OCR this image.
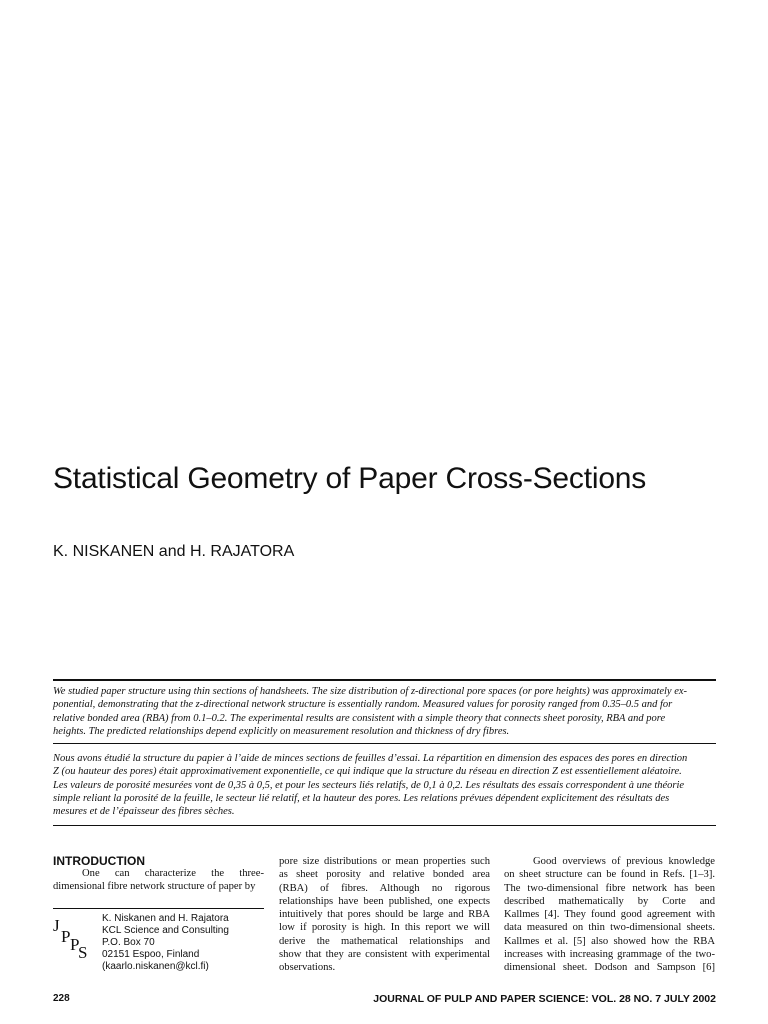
Statistical Geometry of Paper Cross-Sections
K. NISKANEN and H. RAJATORA
We studied paper structure using thin sections of handsheets. The size distribution of z-directional pore spaces (or pore heights) was approximately ex-
ponential, demonstrating that the z-directional network structure is essentially random. Measured values for porosity ranged from 0.35–0.5 and for
relative bonded area (RBA) from 0.1–0.2. The experimental results are consistent with a simple theory that connects sheet porosity, RBA and pore
heights. The predicted relationships depend explicitly on measurement resolution and thickness of dry fibres.
Nous avons étudié la structure du papier à l’aide de minces sections de feuilles d’essai. La répartition en dimension des espaces des pores en direction
Z (ou hauteur des pores) était approximativement exponentielle, ce qui indique que la structure du réseau en direction Z est essentiellement aléatoire.
Les valeurs de porosité mesurées vont de 0,35 à 0,5, et pour les secteurs liés relatifs, de 0,1 à 0,2. Les résultats des essais correspondent à une théorie
simple reliant la porosité de la feuille, le secteur lié relatif, et la hauteur des pores. Les relations prévues dépendent explicitement des résultats des
mesures et de l’épaisseur des fibres sèches.
INTRODUCTION
One can characterize the three-
dimensional fibre network structure of paper by
J
P P
S
K. Niskanen and H. Rajatora
KCL Science and Consulting
P.O. Box 70
02151 Espoo, Finland
(kaarlo.niskanen@kcl.fi)
pore size distributions or mean properties such
as sheet porosity and relative bonded area
(RBA) of fibres. Although no rigorous
relationships have been published, one expects
intuitively that pores should be large and RBA
low if porosity is high. In this report we will
derive the mathematical relationships and
show that they are consistent with experimental
observations.
Good overviews of previous knowledge
on sheet structure can be found in Refs. [1–3].
The two-dimensional fibre network has been
described mathematically by Corte and
Kallmes [4]. They found good agreement with
data measured on thin two-dimensional sheets.
Kallmes et al. [5] also showed how the RBA
increases with increasing grammage of the two-
dimensional sheet. Dodson and Sampson [6]
228	JOURNAL OF PULP AND PAPER SCIENCE: VOL. 28 NO. 7 JULY 2002
